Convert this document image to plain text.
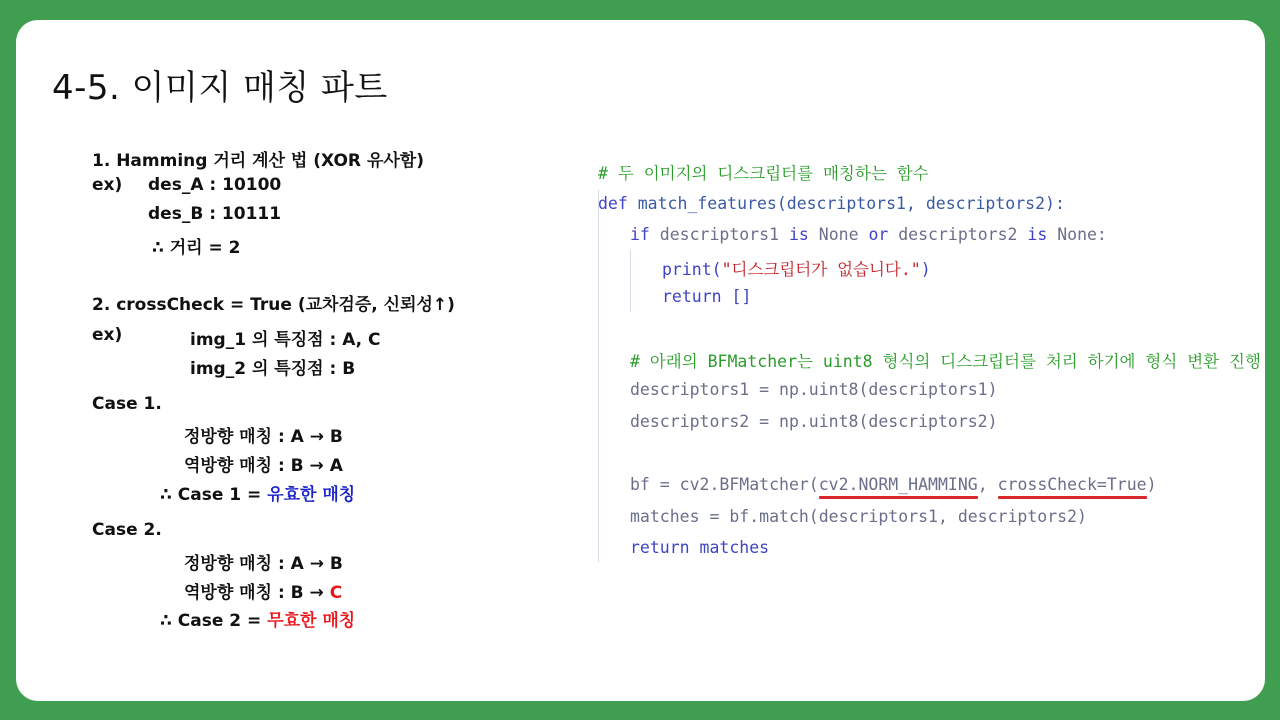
4-5. 이미지 매칭 파트
1. Hamming 거리 계산 법 (XOR 유사함)
ex) des_A : 10100
des_B : 10111
∴ 거리 = 2
2. crossCheck = True (교차검증, 신뢰성↑)
ex)	img_1 의 특징점 : A, C
img_2 의 특징점 : B
Case 1.
정방향 매칭 : A → B
역방향 매칭 : B → A
∴ Case 1 = 유효한 매칭
Case 2.
정방향 매칭 : A → B
역방향 매칭 : B → C
∴ Case 2 = 무효한 매칭
# 두 이미지의 디스크립터를 매칭하는 함수
def match_features(descriptors1, descriptors2):
if descriptors1 is None or descriptors2 is None:
print("디스크립터가 없습니다.")
return []
# 아래의 BFMatcher는 uint8 형식의 디스크립터를 처리 하기에 형식 변환 진행
descriptors1 = np.uint8(descriptors1)
descriptors2 = np.uint8(descriptors2)
bf = cv2.BFMatcher(cv2.NORM_HAMMING
, crossCheck=True
)
matches = bf.match(descriptors1, descriptors2)
return matches
